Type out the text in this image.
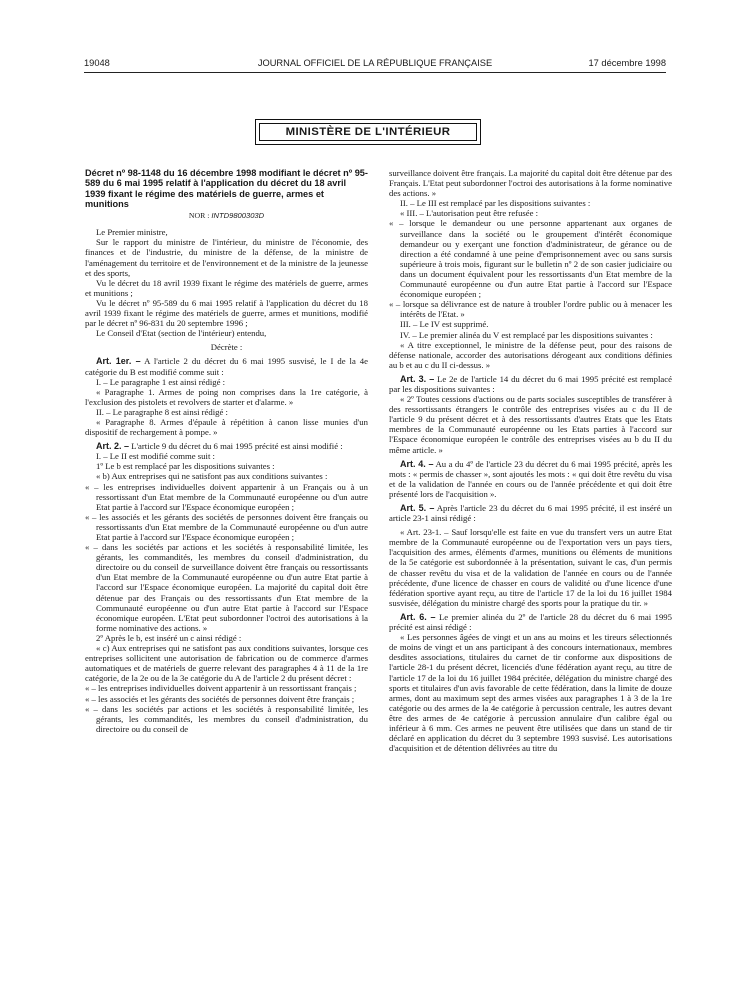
19048	JOURNAL OFFICIEL DE LA RÉPUBLIQUE FRANÇAISE	17 décembre 1998
MINISTÈRE DE L'INTÉRIEUR

Décret nº 98-1148 du 16 décembre 1998 modifiant le décret nº 95-589 du 6 mai 1995 relatif à l'application du décret du 18 avril 1939 fixant le régime des matériels de guerre, armes et munitions

NOR : INTD9800303D

Le Premier ministre,

Sur le rapport du ministre de l'intérieur, du ministre de l'économie, des finances et de l'industrie, du ministre de la défense, de la ministre de l'aménagement du territoire et de l'environnement et de la ministre de la jeunesse et des sports,

Vu le décret du 18 avril 1939 fixant le régime des matériels de guerre, armes et munitions ;

Vu le décret nº 95-589 du 6 mai 1995 relatif à l'application du décret du 18 avril 1939 fixant le régime des matériels de guerre, armes et munitions, modifié par le décret nº 96-831 du 20 septembre 1996 ;

Le Conseil d'Etat (section de l'intérieur) entendu,

Décrète :

Art. 1er. – A l'article 2 du décret du 6 mai 1995 susvisé, le I de la 4e catégorie du B est modifié comme suit :

I. – Le paragraphe 1 est ainsi rédigé :

« Paragraphe 1. Armes de poing non comprises dans la 1re catégorie, à l'exclusion des pistolets et revolvers de starter et d'alarme. »

II. – Le paragraphe 8 est ainsi rédigé :

« Paragraphe 8. Armes d'épaule à répétition à canon lisse munies d'un dispositif de rechargement à pompe. »

Art. 2. – L'article 9 du décret du 6 mai 1995 précité est ainsi modifié :

I. – Le II est modifié comme suit :

1º Le b est remplacé par les dispositions suivantes :

« b) Aux entreprises qui ne satisfont pas aux conditions suivantes :

« – les entreprises individuelles doivent appartenir à un Français ou à un ressortissant d'un Etat membre de la Communauté européenne ou d'un autre Etat partie à l'accord sur l'Espace économique européen ;

« – les associés et les gérants des sociétés de personnes doivent être français ou ressortissants d'un Etat membre de la Communauté européenne ou d'un autre Etat partie à l'accord sur l'Espace économique européen ;

« – dans les sociétés par actions et les sociétés à responsabilité limitée, les gérants, les commandités, les membres du conseil d'administration, du directoire ou du conseil de surveillance doivent être français ou ressortissants d'un Etat membre de la Communauté européenne ou d'un autre Etat partie à l'accord sur l'Espace économique européen. La majorité du capital doit être détenue par des Français ou des ressortissants d'un Etat membre de la Communauté européenne ou d'un autre Etat partie à l'accord sur l'Espace économique européen. L'Etat peut subordonner l'octroi des autorisations à la forme nominative des actions. »

2º Après le b, est inséré un c ainsi rédigé :

« c) Aux entreprises qui ne satisfont pas aux conditions suivantes, lorsque ces entreprises sollicitent une autorisation de fabrication ou de commerce d'armes automatiques et de matériels de guerre relevant des paragraphes 4 à 11 de la 1re catégorie, de la 2e ou de la 3e catégorie du A de l'article 2 du présent décret :

« – les entreprises individuelles doivent appartenir à un ressortissant français ;

« – les associés et les gérants des sociétés de personnes doivent être français ;

« – dans les sociétés par actions et les sociétés à responsabilité limitée, les gérants, les commandités, les membres du conseil d'administration, du directoire ou du conseil de

surveillance doivent être français. La majorité du capital doit être détenue par des Français. L'Etat peut subordonner l'octroi des autorisations à la forme nominative des actions. »

II. – Le III est remplacé par les dispositions suivantes :

« III. – L'autorisation peut être refusée :

« – lorsque le demandeur ou une personne appartenant aux organes de surveillance dans la société ou le groupement d'intérêt économique demandeur ou y exerçant une fonction d'administrateur, de gérance ou de direction a été condamné à une peine d'emprisonnement avec ou sans sursis supérieure à trois mois, figurant sur le bulletin nº 2 de son casier judiciaire ou dans un document équivalent pour les ressortissants d'un Etat membre de la Communauté européenne ou d'un autre Etat partie à l'accord sur l'Espace économique européen ;

« – lorsque sa délivrance est de nature à troubler l'ordre public ou à menacer les intérêts de l'Etat. »

III. – Le IV est supprimé.

IV. – Le premier alinéa du V est remplacé par les dispositions suivantes :

« A titre exceptionnel, le ministre de la défense peut, pour des raisons de défense nationale, accorder des autorisations dérogeant aux conditions définies au b et au c du II ci-dessus. »

Art. 3. – Le 2e de l'article 14 du décret du 6 mai 1995 précité est remplacé par les dispositions suivantes :

« 2º Toutes cessions d'actions ou de parts sociales susceptibles de transférer à des ressortissants étrangers le contrôle des entreprises visées au c du II de l'article 9 du présent décret et à des ressortissants d'autres Etats que les Etats membres de la Communauté européenne ou les Etats parties à l'accord sur l'Espace économique européen le contrôle des entreprises visées au b du II du même article. »

Art. 4. – Au a du 4º de l'article 23 du décret du 6 mai 1995 précité, après les mots : « permis de chasser », sont ajoutés les mots : « qui doit être revêtu du visa et de la validation de l'année en cours ou de l'année précédente et qui doit être présenté lors de l'acquisition ».

Art. 5. – Après l'article 23 du décret du 6 mai 1995 précité, il est inséré un article 23-1 ainsi rédigé :

« Art. 23-1. – Sauf lorsqu'elle est faite en vue du transfert vers un autre Etat membre de la Communauté européenne ou de l'exportation vers un pays tiers, l'acquisition des armes, éléments d'armes, munitions ou éléments de munitions de la 5e catégorie est subordonnée à la présentation, suivant le cas, d'un permis de chasser revêtu du visa et de la validation de l'année en cours ou de l'année précédente, d'une licence de chasser en cours de validité ou d'une licence d'une fédération sportive ayant reçu, au titre de l'article 17 de la loi du 16 juillet 1984 susvisée, délégation du ministre chargé des sports pour la pratique du tir. »

Art. 6. – Le premier alinéa du 2º de l'article 28 du décret du 6 mai 1995 précité est ainsi rédigé :

« Les personnes âgées de vingt et un ans au moins et les tireurs sélectionnés de moins de vingt et un ans participant à des concours internationaux, membres desdites associations, titulaires du carnet de tir conforme aux dispositions de l'article 28-1 du présent décret, licenciés d'une fédération ayant reçu, au titre de l'article 17 de la loi du 16 juillet 1984 précitée, délégation du ministre chargé des sports et titulaires d'un avis favorable de cette fédération, dans la limite de douze armes, dont au maximum sept des armes visées aux paragraphes 1 à 3 de la 1re catégorie ou des armes de la 4e catégorie à percussion centrale, les autres devant être des armes de 4e catégorie à percussion annulaire d'un calibre égal ou inférieur à 6 mm. Ces armes ne peuvent être utilisées que dans un stand de tir déclaré en application du décret du 3 septembre 1993 susvisé. Les autorisations d'acquisition et de détention délivrées au titre du
